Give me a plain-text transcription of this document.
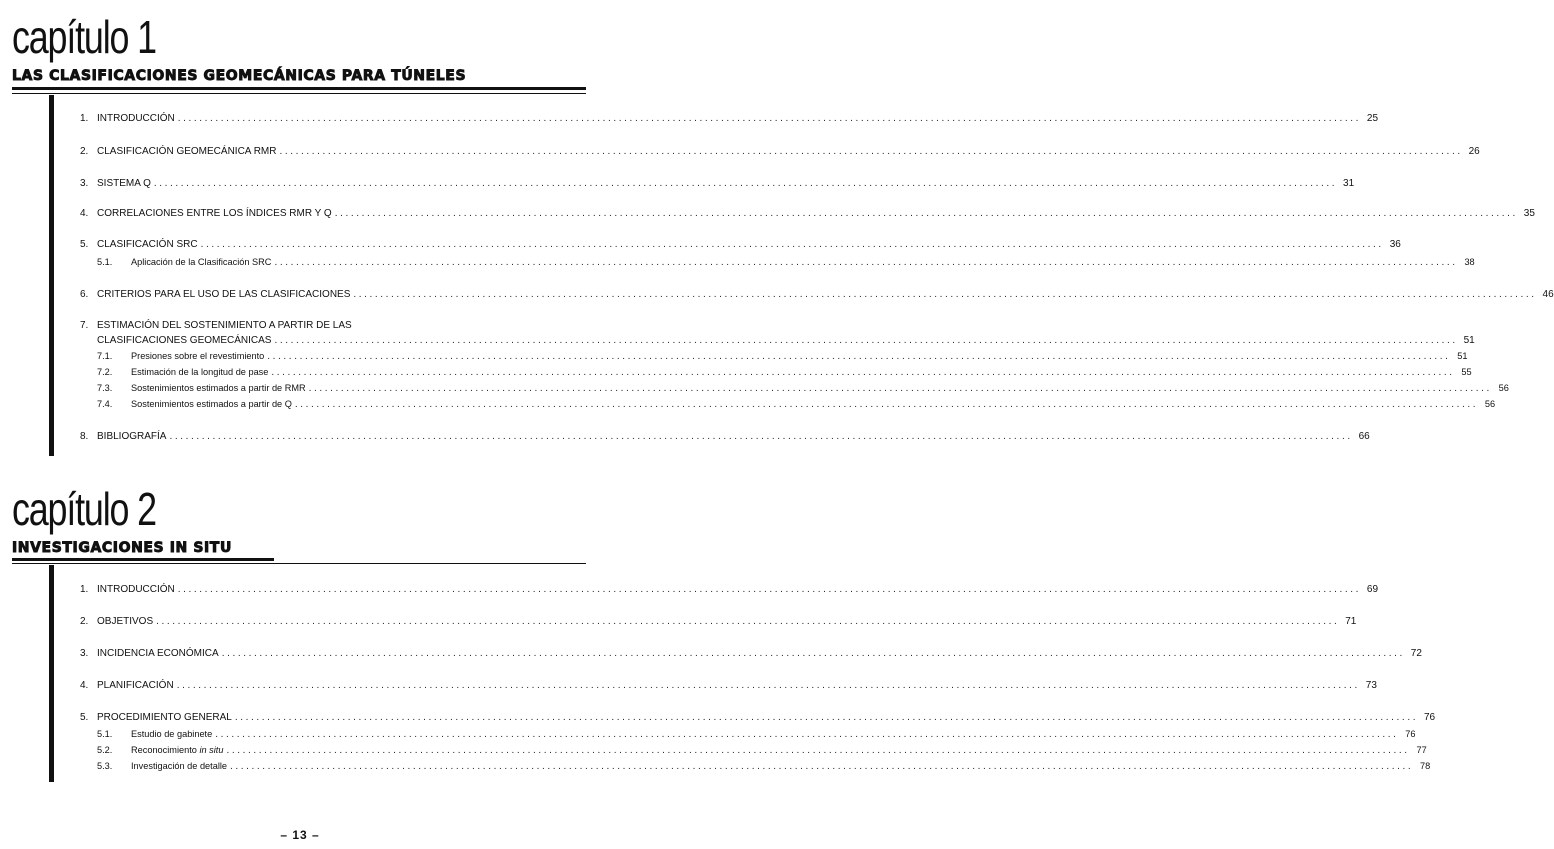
capítulo 1
LAS CLASIFICACIONES GEOMECÁNICAS PARA TÚNELES
1. INTRODUCCIÓN ............................................................................................................................................................................................................................ 25
2. CLASIFICACIÓN GEOMECÁNICA RMR ............................................................................................................................................................................................................................ 26
3. SISTEMA Q ............................................................................................................................................................................................................................ 31
4. CORRELACIONES ENTRE LOS ÍNDICES RMR Y Q ............................................................................................................................................................................................................................ 35
5. CLASIFICACIÓN SRC ............................................................................................................................................................................................................................ 36
5.1.	Aplicación de la Clasificación SRC ............................................................................................................................................................................................................................ 38
6. CRITERIOS PARA EL USO DE LAS CLASIFICACIONES ............................................................................................................................................................................................................................ 46
7. ESTIMACIÓN DEL SOSTENIMIENTO A PARTIR DE LAS
CLASIFICACIONES GEOMECÁNICAS ............................................................................................................................................................................................................................ 51
7.1.	Presiones sobre el revestimiento ............................................................................................................................................................................................................................ 51
7.2.	Estimación de la longitud de pase ............................................................................................................................................................................................................................ 55
7.3.	Sostenimientos estimados a partir de RMR ............................................................................................................................................................................................................................ 56
7.4.	Sostenimientos estimados a partir de Q ............................................................................................................................................................................................................................ 56
8. BIBLIOGRAFÍA ............................................................................................................................................................................................................................ 66
capítulo 2
INVESTIGACIONES IN SITU
1. INTRODUCCIÓN ............................................................................................................................................................................................................................ 69
2. OBJETIVOS ............................................................................................................................................................................................................................ 71
3. INCIDENCIA ECONÓMICA ............................................................................................................................................................................................................................ 72
4. PLANIFICACIÓN ............................................................................................................................................................................................................................ 73
5. PROCEDIMIENTO GENERAL ............................................................................................................................................................................................................................ 76
5.1.	Estudio de gabinete ............................................................................................................................................................................................................................ 76
5.2.	Reconocimiento in situ ............................................................................................................................................................................................................................ 77
5.3.	Investigación de detalle ............................................................................................................................................................................................................................ 78
– 13 –
